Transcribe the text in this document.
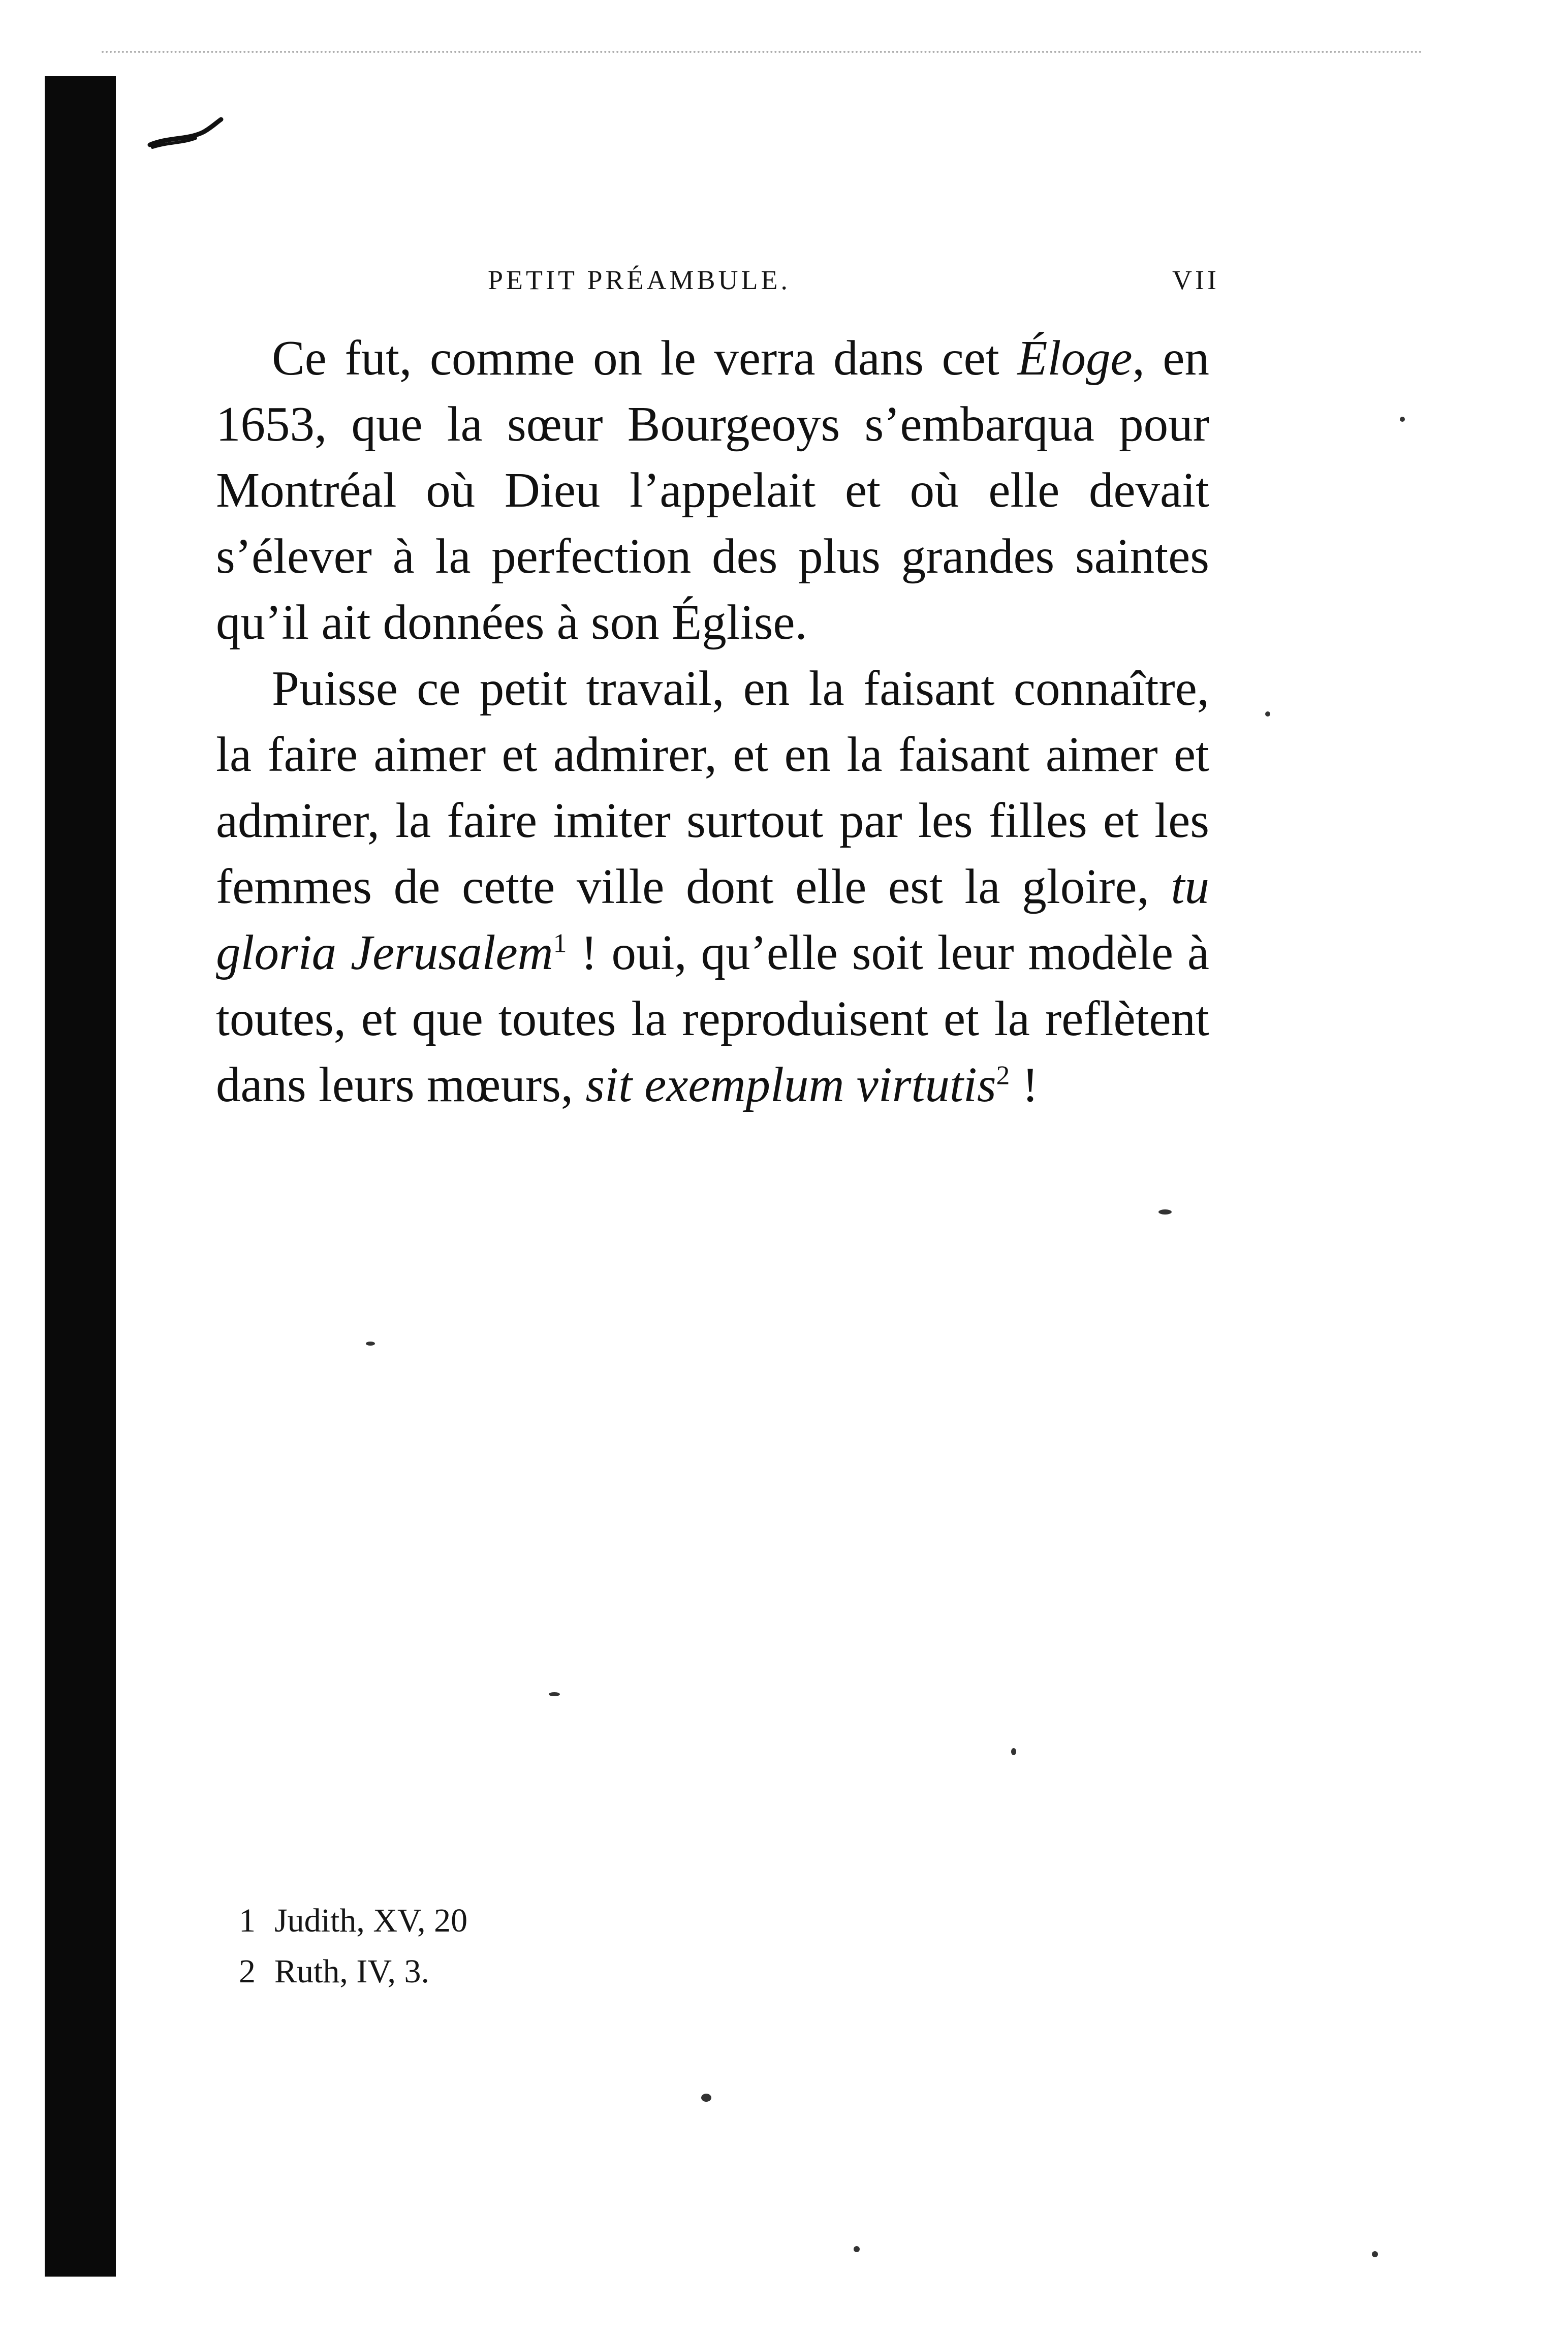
PETIT PRÉAMBULE.	VII

Ce fut, comme on le verra dans cet Éloge, en 1653, que la sœur Bourgeoys s’embarqua pour Montréal où Dieu l’appelait et où elle devait s’élever à la perfection des plus grandes saintes qu’il ait données à son Église.

Puisse ce petit travail, en la faisant connaître, la faire aimer et admirer, et en la faisant aimer et admirer, la faire imiter surtout par les filles et les femmes de cette ville dont elle est la gloire, tu gloria Jerusalem$^1$ ! oui, qu’elle soit leur modèle à toutes, et que toutes la reproduisent et la reflètent dans leurs mœurs, sit exemplum virtutis$^2$ !

1 Judith, XV, 20
2 Ruth, IV, 3.
